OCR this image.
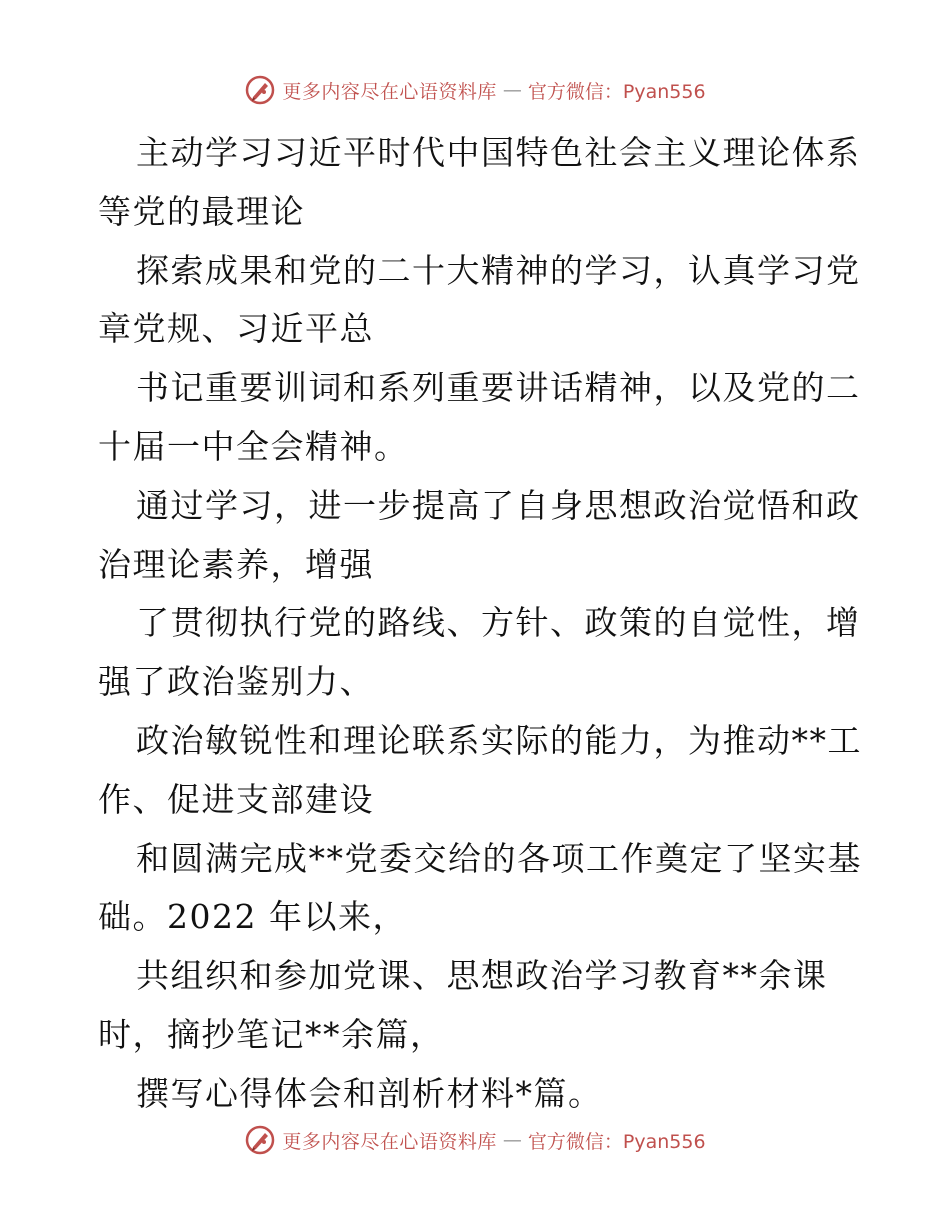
更多内容尽在心语资料库 — 官方微信：Pyan556
主动学习习近平时代中国特色社会主义理论体系
等党的最理论
探索成果和党的二十大精神的学习，认真学习党
章党规、习近平总
书记重要训词和系列重要讲话精神，以及党的二
十届一中全会精神。
通过学习，进一步提高了自身思想政治觉悟和政
治理论素养，增强
了贯彻执行党的路线、方针、政策的自觉性，增
强了政治鉴别力、
政治敏锐性和理论联系实际的能力，为推动**工
作、促进支部建设
和圆满完成**党委交给的各项工作奠定了坚实基
础。2022 年以来，
共组织和参加党课、思想政治学习教育**余课
时，摘抄笔记**余篇，
撰写心得体会和剖析材料*篇。
更多内容尽在心语资料库 — 官方微信：Pyan556
